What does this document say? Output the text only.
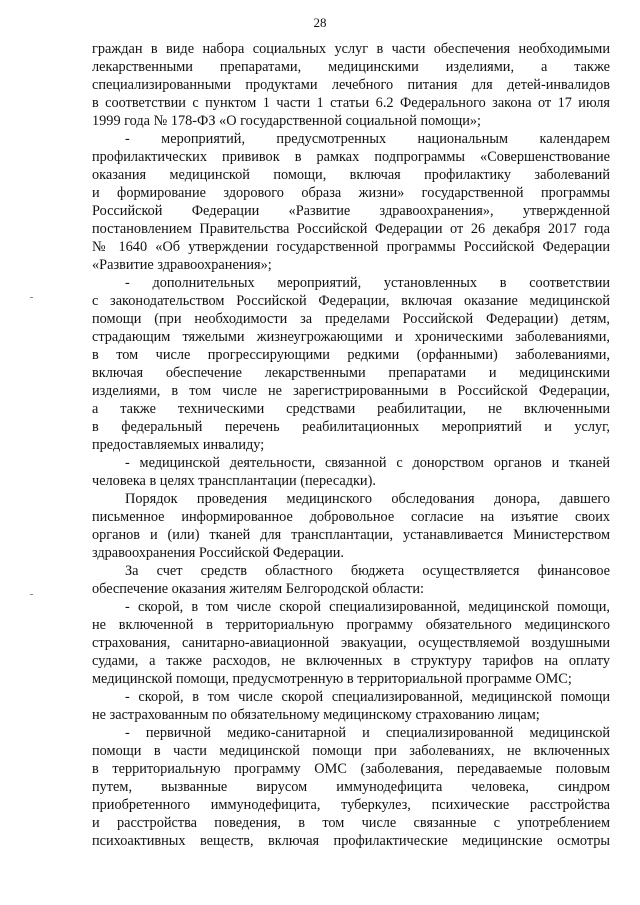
28

граждан в виде набора социальных услуг в части обеспечения необходимыми

лекарственными препаратами, медицинскими изделиями, а также

специализированными продуктами лечебного питания для детей-инвалидов

в соответствии с пунктом 1 части 1 статьи 6.2 Федерального закона от 17 июля

1999 года № 178-ФЗ «О государственной социальной помощи»;

- мероприятий, предусмотренных национальным календарем

профилактических прививок в рамках подпрограммы «Совершенствование

оказания медицинской помощи, включая профилактику заболеваний

и формирование здорового образа жизни» государственной программы

Российской Федерации «Развитие здравоохранения», утвержденной

постановлением Правительства Российской Федерации от 26 декабря 2017 года

№ 1640 «Об утверждении государственной программы Российской Федерации

«Развитие здравоохранения»;

- дополнительных мероприятий, установленных в соответствии

с законодательством Российской Федерации, включая оказание медицинской

помощи (при необходимости за пределами Российской Федерации) детям,

страдающим тяжелыми жизнеугрожающими и хроническими заболеваниями,

в том числе прогрессирующими редкими (орфанными) заболеваниями,

включая обеспечение лекарственными препаратами и медицинскими

изделиями, в том числе не зарегистрированными в Российской Федерации,

а также техническими средствами реабилитации, не включенными

в федеральный перечень реабилитационных мероприятий и услуг,

предоставляемых инвалиду;

- медицинской деятельности, связанной с донорством органов и тканей

человека в целях трансплантации (пересадки).

Порядок проведения медицинского обследования донора, давшего

письменное информированное добровольное согласие на изъятие своих

органов и (или) тканей для трансплантации, устанавливается Министерством

здравоохранения Российской Федерации.

За счет средств областного бюджета осуществляется финансовое

обеспечение оказания жителям Белгородской области:

- скорой, в том числе скорой специализированной, медицинской помощи,

не включенной в территориальную программу обязательного медицинского

страхования, санитарно-авиационной эвакуации, осуществляемой воздушными

судами, а также расходов, не включенных в структуру тарифов на оплату

медицинской помощи, предусмотренную в территориальной программе ОМС;

- скорой, в том числе скорой специализированной, медицинской помощи

не застрахованным по обязательному медицинскому страхованию лицам;

- первичной медико-санитарной и специализированной медицинской

помощи в части медицинской помощи при заболеваниях, не включенных

в территориальную программу ОМС (заболевания, передаваемые половым

путем, вызванные вирусом иммунодефицита человека, синдром

приобретенного иммунодефицита, туберкулез, психические расстройства

и расстройства поведения, в том числе связанные с употреблением

психоактивных веществ, включая профилактические медицинские осмотры
